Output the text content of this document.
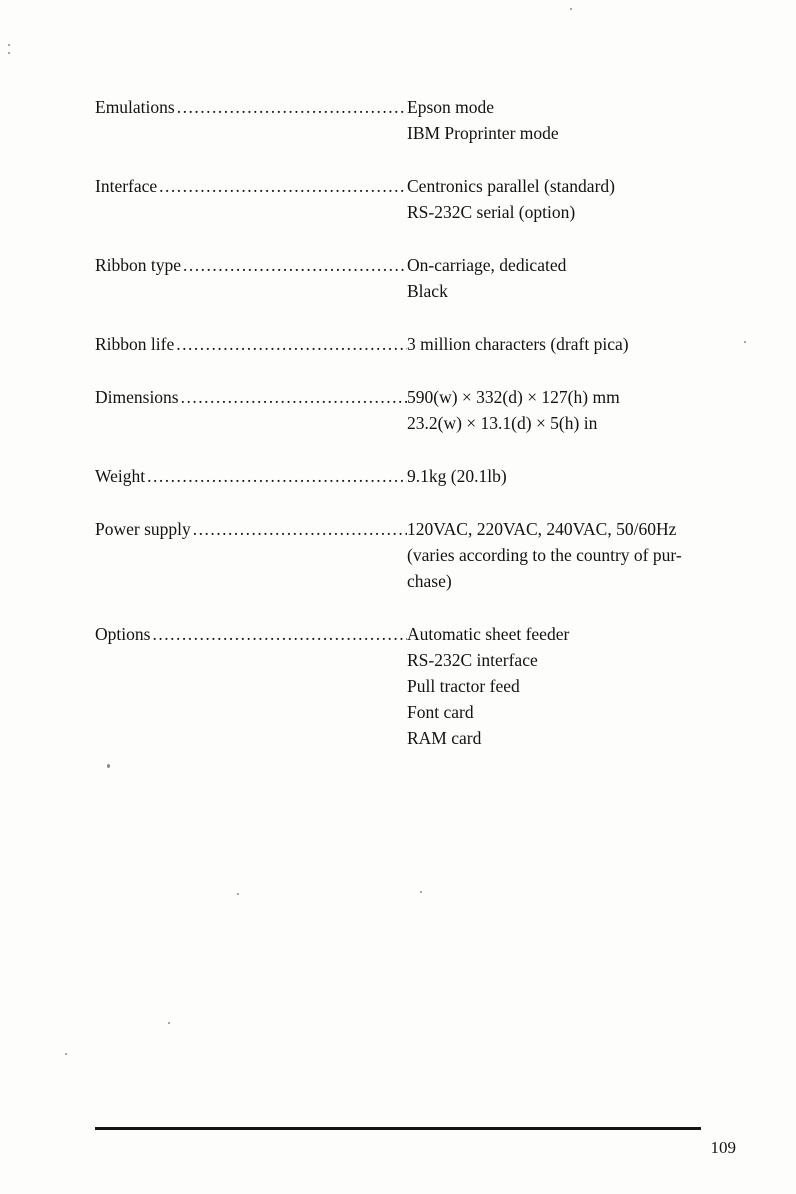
Emulations .....	Epson mode
IBM Proprinter mode
Interface .....	Centronics parallel (standard)
RS-232C serial (option)
Ribbon type .....	On-carriage, dedicated
Black
Ribbon life .....	3 million characters (draft pica)
Dimensions .....	590(w) × 332(d) × 127(h) mm
23.2(w) × 13.1(d) × 5(h) in
Weight .....	9.1kg (20.1lb)
Power supply .....	120VAC, 220VAC, 240VAC, 50/60Hz
(varies according to the country of pur-
chase)
Options .....	Automatic sheet feeder
RS-232C interface
Pull tractor feed
Font card
RAM card
109
